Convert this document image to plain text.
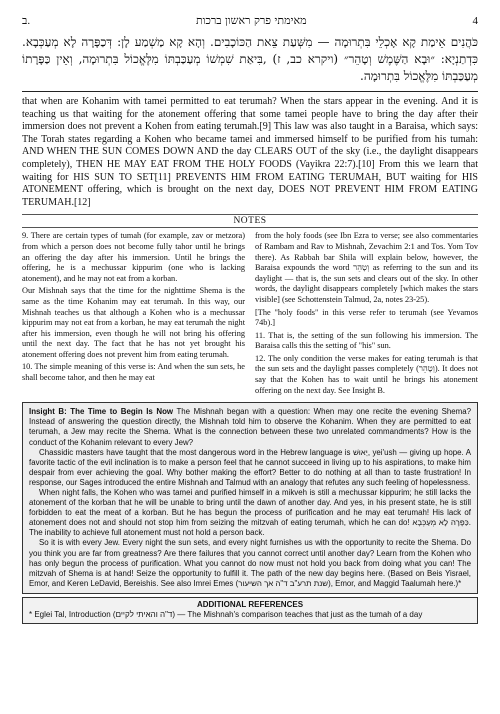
ב.	מאימתי פרק ראשון ברכות	4
כֹּהֲנִים אֵימַת קָא אָכְלֵי בִּתְרוּמָה — מִשְּׁעַת צֵאת הַכּוֹכָבִים. וְהָא קָא מַשְׁמַע לָן: דְּכַפָּרָה לָא מְעַכְּבָא. כִּדְתַנְיָא: ״וּבָא הַשֶּׁמֶשׁ וְטָהֵר״ (ויקרא כב, ז) ,בִּיאַת שִׁמְשׁוֹ מְעַכַּבְתּוֹ מִלֶּאֱכוֹל בִּתְרוּמָה, וְאֵין כַּפָּרָתוֹ מְעַכַּבְתּוֹ מִלֶּאֱכוֹל בִּתְרוּמָה.
that when are Kohanim with tamei permitted to eat terumah? When the stars appear in the evening. And it is teaching us that waiting for the atonement offering that some tamei people have to bring the day after their immersion does not prevent a Kohen from eating terumah.[9] This law was also taught in a Baraisa, which says: The Torah states regarding a Kohen who became tamei and immersed himself to be purified from his tumah: AND WHEN THE SUN COMES DOWN AND the day CLEARS OUT of the sky (i.e., the daylight disappears completely), THEN HE MAY EAT FROM THE HOLY FOODS (Vayikra 22:7).[10] From this we learn that waiting for HIS SUN TO SET[11] PREVENTS HIM FROM EATING TERUMAH, BUT waiting for HIS ATONEMENT offering, which is brought on the next day, DOES NOT PREVENT HIM FROM EATING TERUMAH.[12]
NOTES

9. There are certain types of tumah (for example, zav or metzora) from which a person does not become fully tahor until he brings an offering the day after his immersion. Until he brings the offering, he is a mechussar kippurim (one who is lacking atonement), and he may not eat from a korban.

Our Mishnah says that the time for the nighttime Shema is the same as the time Kohanim may eat terumah. In this way, our Mishnah teaches us that although a Kohen who is a mechussar kippurim may not eat from a korban, he may eat terumah the night after his immersion, even though he will not bring his offering until the next day. The fact that he has not yet brought his atonement offering does not prevent him from eating terumah.

10. The simple meaning of this verse is: And when the sun sets, he shall become tahor, and then he may eat

from the holy foods (see Ibn Ezra to verse; see also commentaries of Rambam and Rav to Mishnah, Zevachim 2:1 and Tos. Yom Tov there). As Rabbah bar Shila will explain below, however, the Baraisa expounds the word וְטָהֵר as referring to the sun and its daylight — that is, the sun sets and clears out of the sky. In other words, the daylight disappears completely [which makes the stars visible] (see Schottenstein Talmud, 2a, notes 23-25).

[The "holy foods" in this verse refer to terumah (see Yevamos 74b).]

11. That is, the setting of the sun following his immersion. The Baraisa calls this the setting of "his" sun.

12. The only condition the verse makes for eating terumah is that the sun sets and the daylight passes completely (וְטָהֵר). It does not say that the Kohen has to wait until he brings his atonement offering on the next day. See Insight B.

Insight B: The Time to Begin Is Now The Mishnah began with a question: When may one recite the evening Shema? Instead of answering the question directly, the Mishnah told him to observe the Kohanim. When they are permitted to eat terumah, a Jew may recite the Shema. What is the connection between these two unrelated commandments? How is the conduct of the Kohanim relevant to every Jew?

Chassidic masters have taught that the most dangerous word in the Hebrew language is יֵאוּשׁ, yei'ush — giving up hope. A favorite tactic of the evil inclination is to make a person feel that he cannot succeed in living up to his aspirations, to make him despair from ever achieving the goal. Why bother making the effort? Better to do nothing at all than to taste frustration! In response, our Sages introduced the entire Mishnah and Talmud with an analogy that refutes any such feeling of hopelessness.

When night falls, the Kohen who was tamei and purified himself in a mikveh is still a mechussar kippurim; he still lacks the atonement of the korban that he will be unable to bring until the dawn of another day. And yes, in his present state, he is still forbidden to eat the meat of a korban. But he has begun the process of purification and he may eat terumah! His lack of atonement does not and should not stop him from seizing the mitzvah of eating terumah, which he can do! כַּפָּרָה לָא מְעַכְּבָא. The inability to achieve full atonement must not hold a person back.

So it is with every Jew. Every night the sun sets, and every night furnishes us with the opportunity to recite the Shema. Do you think you are far from greatness? Are there failures that you cannot correct until another day? Learn from the Kohen who has only begun the process of purification. What you cannot do now must not hold you back from doing what you can! The mitzvah of Shema is at hand! Seize the opportunity to fulfill it. The path of the new day begins here. (Based on Beis Yisrael, Emor, and Keren LeDavid, Bereishis. See also Imrei Emes (שנת תרע"ב ד"ה אך השיעור), Emor, and Maggid Taalumah here.)*

ADDITIONAL REFERENCES
* Eglei Tal, Introduction (ד"ה והאיתי לקיים) — The Mishnah's comparison teaches that just as the tumah of a day
